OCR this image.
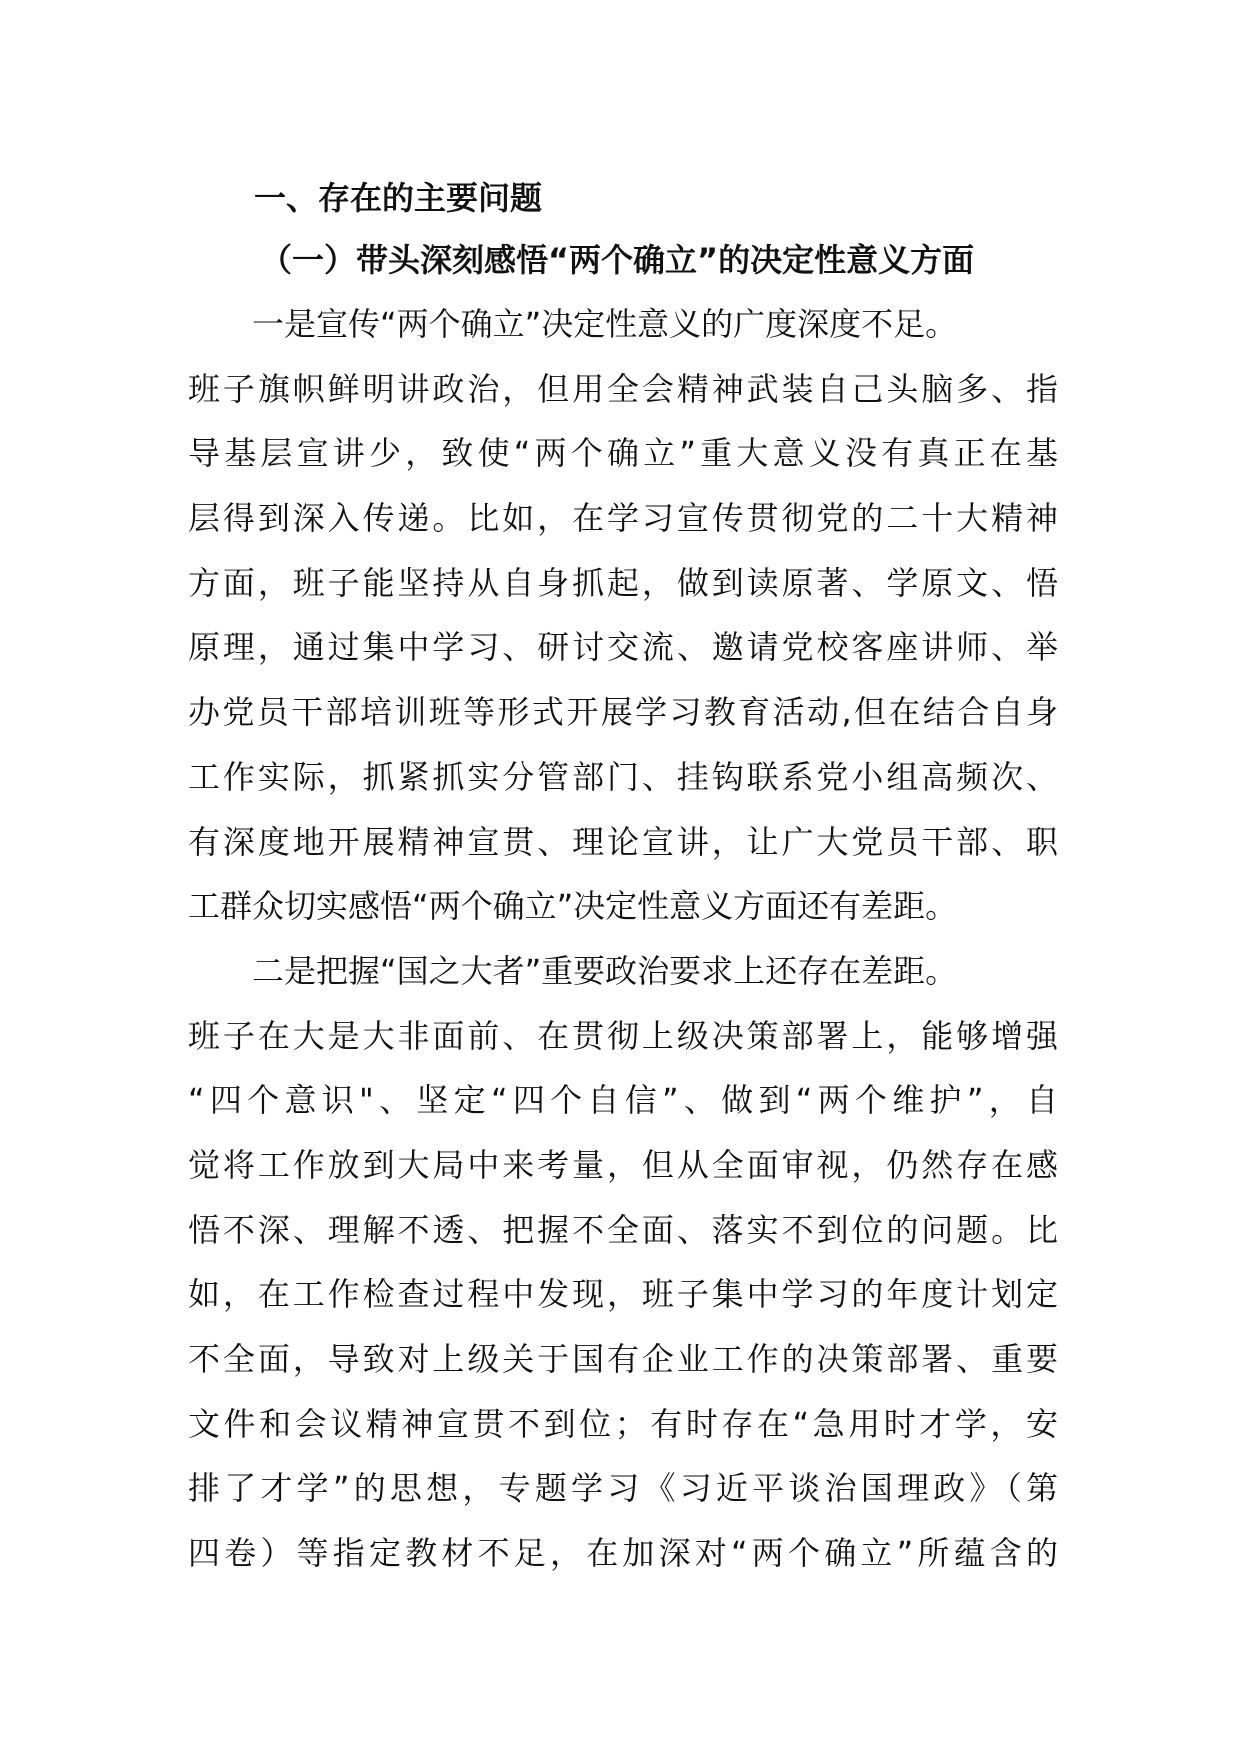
一、存在的主要问题
（一）带头深刻感悟“两个确立”的决定性意义方面

一是宣传“两个确立”决定性意义的广度深度不足。
班子旗帜鲜明讲政治，但用全会精神武装自己头脑多、指
导基层宣讲少，致使“两个确立”重大意义没有真正在基
层得到深入传递。比如，在学习宣传贯彻党的二十大精神
方面，班子能坚持从自身抓起，做到读原著、学原文、悟
原理，通过集中学习、研讨交流、邀请党校客座讲师、举
办党员干部培训班等形式开展学习教育活动,但在结合自身
工作实际，抓紧抓实分管部门、挂钩联系党小组高频次、
有深度地开展精神宣贯、理论宣讲，让广大党员干部、职
工群众切实感悟“两个确立”决定性意义方面还有差距。

二是把握“国之大者”重要政治要求上还存在差距。
班子在大是大非面前、在贯彻上级决策部署上，能够增强
“四个意识"、坚定“四个自信”、做到“两个维护”，自
觉将工作放到大局中来考量，但从全面审视，仍然存在感
悟不深、理解不透、把握不全面、落实不到位的问题。比
如，在工作检查过程中发现，班子集中学习的年度计划定
不全面，导致对上级关于国有企业工作的决策部署、重要
文件和会议精神宣贯不到位；有时存在“急用时才学，安
排了才学”的思想，专题学习《习近平谈治国理政》（第
四卷）等指定教材不足，在加深对“两个确立”所蕴含的
